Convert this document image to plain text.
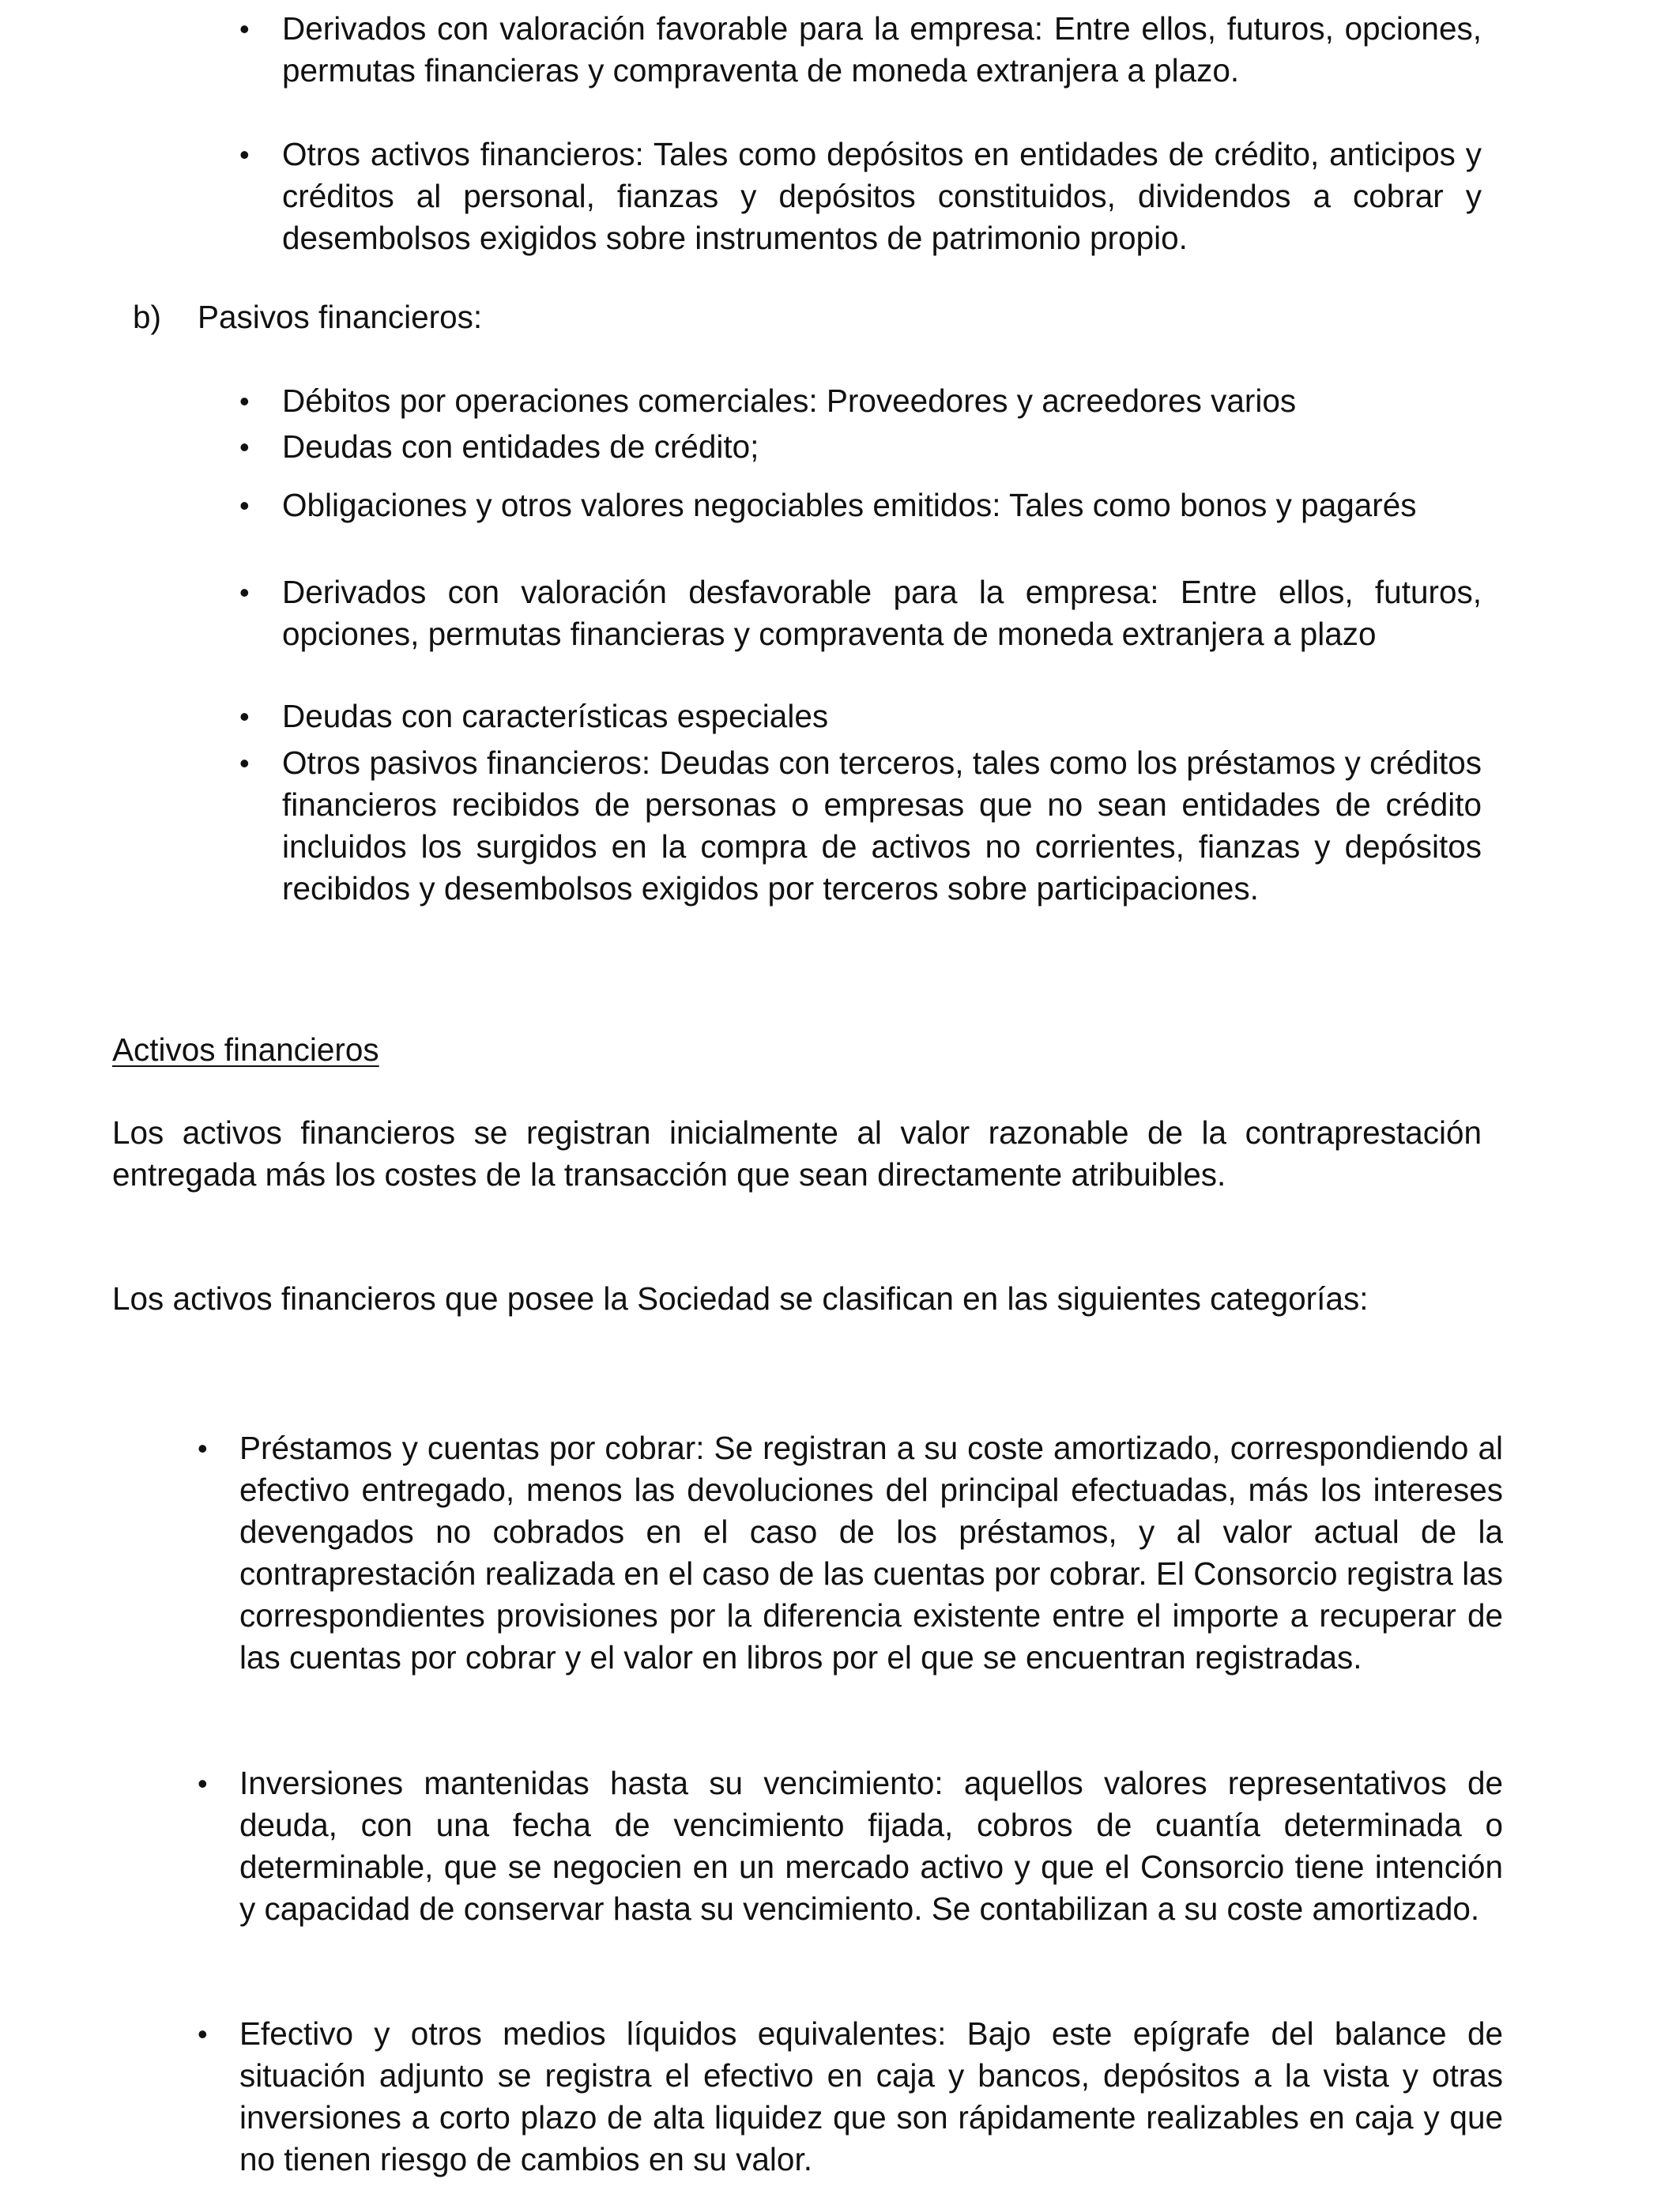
• Derivados con valoración favorable para la empresa: Entre ellos, futuros, opciones, permutas financieras y compraventa de moneda extranjera a plazo.
• Otros activos financieros: Tales como depósitos en entidades de crédito, anticipos y créditos al personal, fianzas y depósitos constituidos, dividendos a cobrar y desembolsos exigidos sobre instrumentos de patrimonio propio.
b) Pasivos financieros:
• Débitos por operaciones comerciales: Proveedores y acreedores varios
• Deudas con entidades de crédito;
• Obligaciones y otros valores negociables emitidos: Tales como bonos y pagarés
• Derivados con valoración desfavorable para la empresa: Entre ellos, futuros, opciones, permutas financieras y compraventa de moneda extranjera a plazo
• Deudas con características especiales
• Otros pasivos financieros: Deudas con terceros, tales como los préstamos y créditos financieros recibidos de personas o empresas que no sean entidades de crédito incluidos los surgidos en la compra de activos no corrientes, fianzas y depósitos recibidos y desembolsos exigidos por terceros sobre participaciones.
Activos financieros
Los activos financieros se registran inicialmente al valor razonable de la contraprestación entregada más los costes de la transacción que sean directamente atribuibles.
Los activos financieros que posee la Sociedad se clasifican en las siguientes categorías:
• Préstamos y cuentas por cobrar: Se registran a su coste amortizado, correspondiendo al efectivo entregado, menos las devoluciones del principal efectuadas, más los intereses devengados no cobrados en el caso de los préstamos, y al valor actual de la contraprestación realizada en el caso de las cuentas por cobrar. El Consorcio registra las correspondientes provisiones por la diferencia existente entre el importe a recuperar de las cuentas por cobrar y el valor en libros por el que se encuentran registradas.
• Inversiones mantenidas hasta su vencimiento: aquellos valores representativos de deuda, con una fecha de vencimiento fijada, cobros de cuantía determinada o determinable, que se negocien en un mercado activo y que el Consorcio tiene intención y capacidad de conservar hasta su vencimiento. Se contabilizan a su coste amortizado.
• Efectivo y otros medios líquidos equivalentes: Bajo este epígrafe del balance de situación adjunto se registra el efectivo en caja y bancos, depósitos a la vista y otras inversiones a corto plazo de alta liquidez que son rápidamente realizables en caja y que no tienen riesgo de cambios en su valor.
